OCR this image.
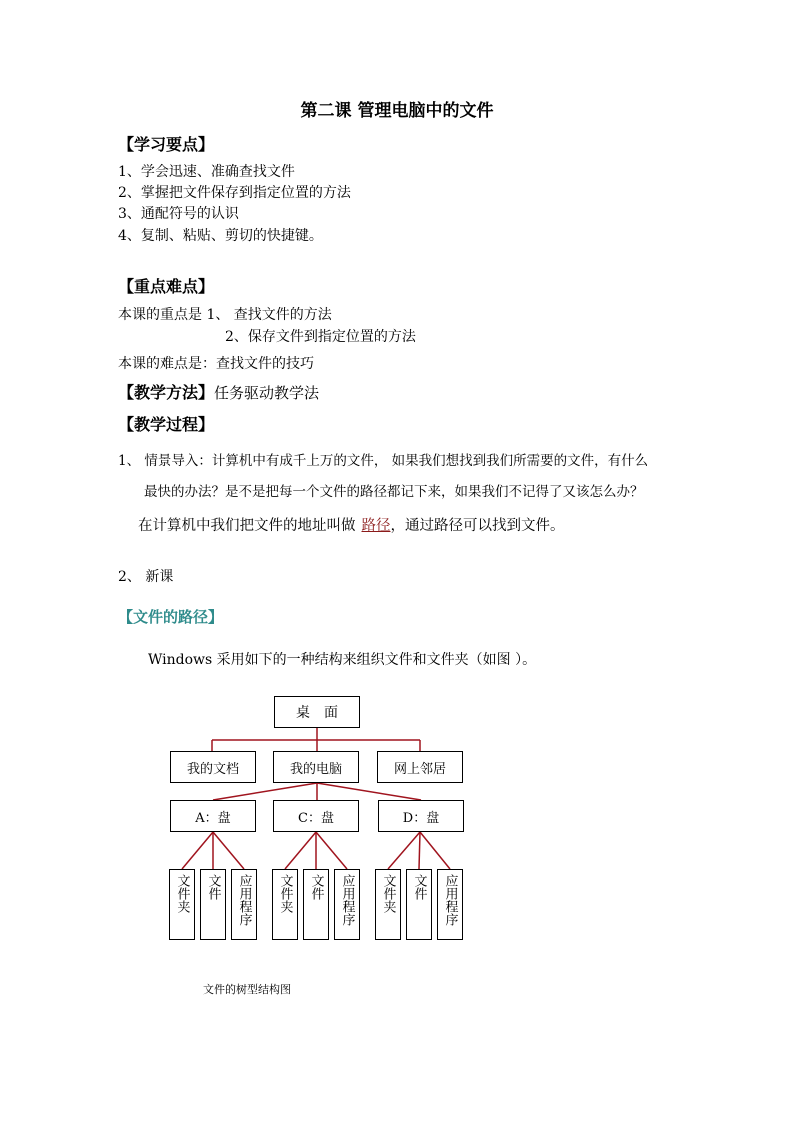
第二课 管理电脑中的文件
【学习要点】
1、学会迅速、准确查找文件
2、掌握把文件保存到指定位置的方法
3、通配符号的认识
4、复制、粘贴、剪切的快捷键。
【重点难点】
本课的重点是 1、 查找文件的方法
2、保存文件到指定位置的方法
本课的难点是：查找文件的技巧
【教学方法】任务驱动教学法
【教学过程】
1、 情景导入：计算机中有成千上万的文件， 如果我们想找到我们所需要的文件，有什么
最快的办法？是不是把每一个文件的路径都记下来，如果我们不记得了又该怎么办？
在计算机中我们把文件的地址叫做 路径，通过路径可以找到文件。
2、 新课
【文件的路径】
Windows 采用如下的一种结构来组织文件和文件夹（如图 ）。
桌　面
我的文档	我的电脑	网上邻居
A：盘	C：盘	D：盘
文件夹	文件	应用程序	文件夹	文件	应用程序	文件夹	文件	应用程序
文件的树型结构图
